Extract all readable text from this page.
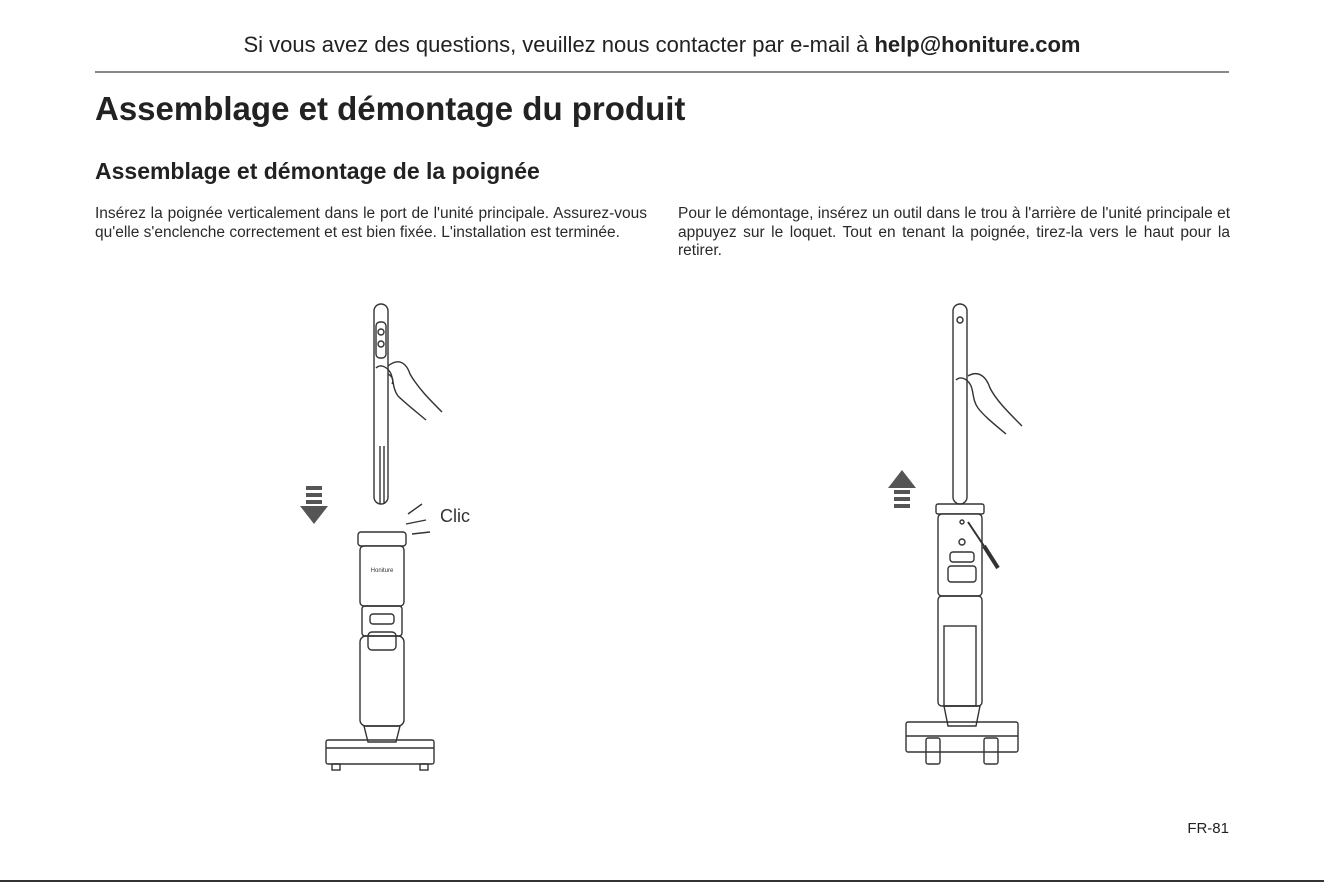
Si vous avez des questions, veuillez nous contacter par e-mail à help@honiture.com
Assemblage et démontage du produit
Assemblage et démontage de la poignée

Insérez la poignée verticalement dans le port de l'unité principale. Assurez-vous qu'elle s'enclenche correctement et est bien fixée. L'installation est terminée.

Pour le démontage, insérez un outil dans le trou à l'arrière de l'unité principale et appuyez sur le loquet. Tout en tenant la poignée, tirez-la vers le haut pour la retirer.

Clic
Honiture
FR-81
